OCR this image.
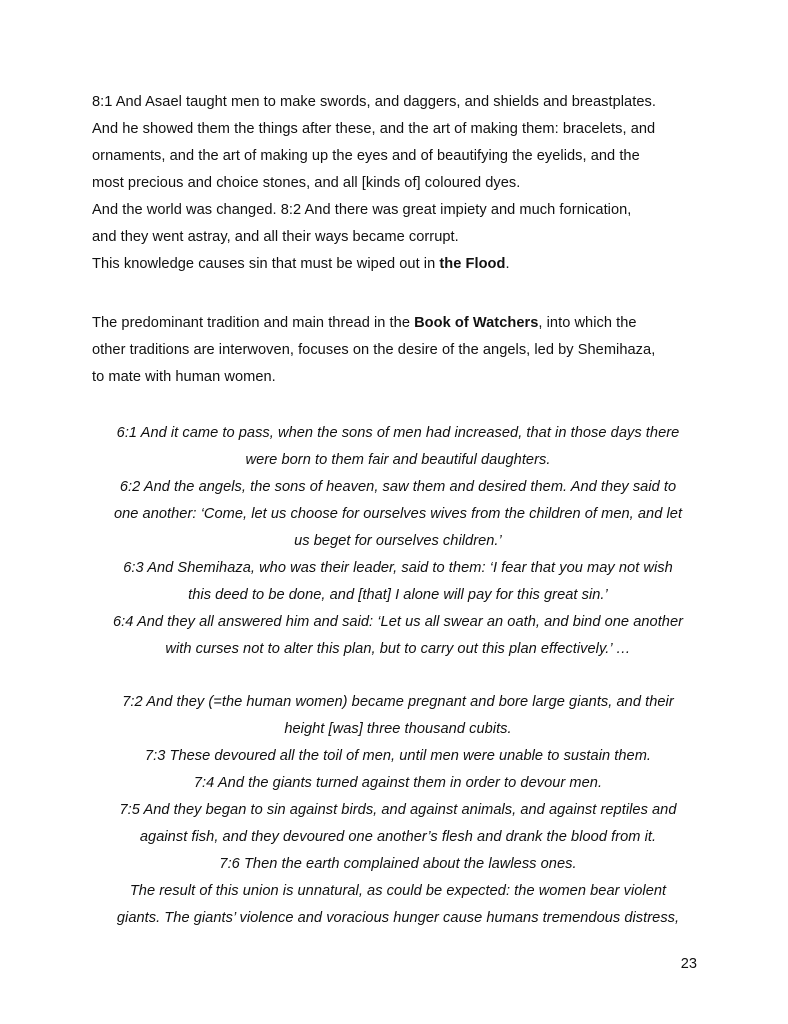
8:1 And Asael taught men to make swords, and daggers, and shields and breastplates.
And he showed them the things after these, and the art of making them: bracelets, and
ornaments, and the art of making up the eyes and of beautifying the eyelids, and the
most precious and choice stones, and all [kinds of] coloured dyes.
And the world was changed. 8:2 And there was great impiety and much fornication,
and they went astray, and all their ways became corrupt.
This knowledge causes sin that must be wiped out in the Flood.
The predominant tradition and main thread in the Book of Watchers, into which the
other traditions are interwoven, focuses on the desire of the angels, led by Shemihaza,
to mate with human women.
6:1 And it came to pass, when the sons of men had increased, that in those days there
were born to them fair and beautiful daughters.
6:2 And the angels, the sons of heaven, saw them and desired them. And they said to
one another: ‘Come, let us choose for ourselves wives from the children of men, and let
us beget for ourselves children.’
6:3 And Shemihaza, who was their leader, said to them: ‘I fear that you may not wish
this deed to be done, and [that] I alone will pay for this great sin.’
6:4 And they all answered him and said: ‘Let us all swear an oath, and bind one another
with curses not to alter this plan, but to carry out this plan effectively.’ …
7:2 And they (=the human women) became pregnant and bore large giants, and their
height [was] three thousand cubits.
7:3 These devoured all the toil of men, until men were unable to sustain them.
7:4 And the giants turned against them in order to devour men.
7:5 And they began to sin against birds, and against animals, and against reptiles and
against fish, and they devoured one another’s flesh and drank the blood from it.
7:6 Then the earth complained about the lawless ones.
The result of this union is unnatural, as could be expected: the women bear violent
giants. The giants’ violence and voracious hunger cause humans tremendous distress,
23
